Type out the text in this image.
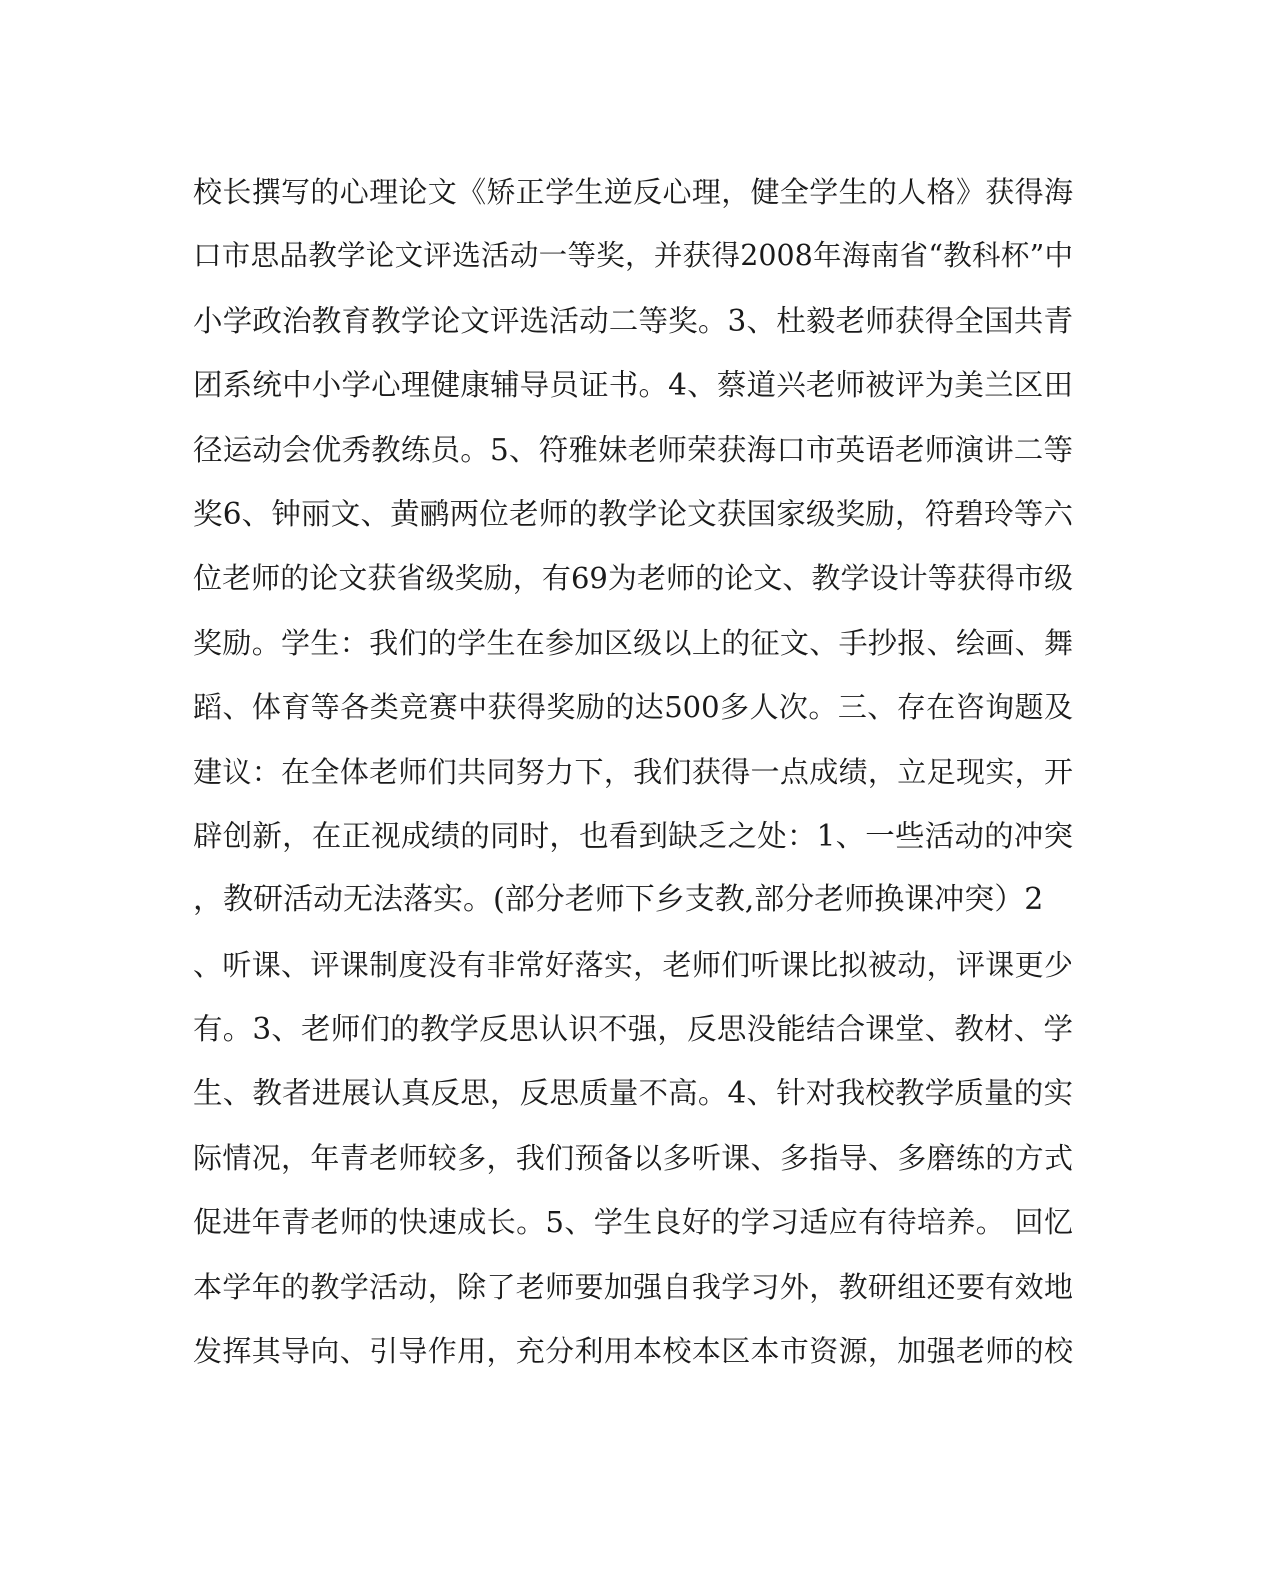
校长撰写的心理论文《矫正学生逆反心理，健全学生的人格》获得海
口市思品教学论文评选活动一等奖，并获得2008年海南省“教科杯”中
小学政治教育教学论文评选活动二等奖。3、杜毅老师获得全国共青
团系统中小学心理健康辅导员证书。4、蔡道兴老师被评为美兰区田
径运动会优秀教练员。5、符雅妹老师荣获海口市英语老师演讲二等
奖6、钟丽文、黄鹂两位老师的教学论文获国家级奖励，符碧玲等六
位老师的论文获省级奖励，有69为老师的论文、教学设计等获得市级
奖励。学生：我们的学生在参加区级以上的征文、手抄报、绘画、舞
蹈、体育等各类竞赛中获得奖励的达500多人次。三、存在咨询题及
建议：在全体老师们共同努力下，我们获得一点成绩，立足现实，开
辟创新，在正视成绩的同时，也看到缺乏之处：1、一些活动的冲突
，教研活动无法落实。(部分老师下乡支教,部分老师换课冲突）2
、听课、评课制度没有非常好落实，老师们听课比拟被动，评课更少
有。3、老师们的教学反思认识不强，反思没能结合课堂、教材、学
生、教者进展认真反思，反思质量不高。4、针对我校教学质量的实
际情况，年青老师较多，我们预备以多听课、多指导、多磨练的方式
促进年青老师的快速成长。5、学生良好的学习适应有待培养。 回忆
本学年的教学活动，除了老师要加强自我学习外，教研组还要有效地
发挥其导向、引导作用，充分利用本校本区本市资源，加强老师的校
